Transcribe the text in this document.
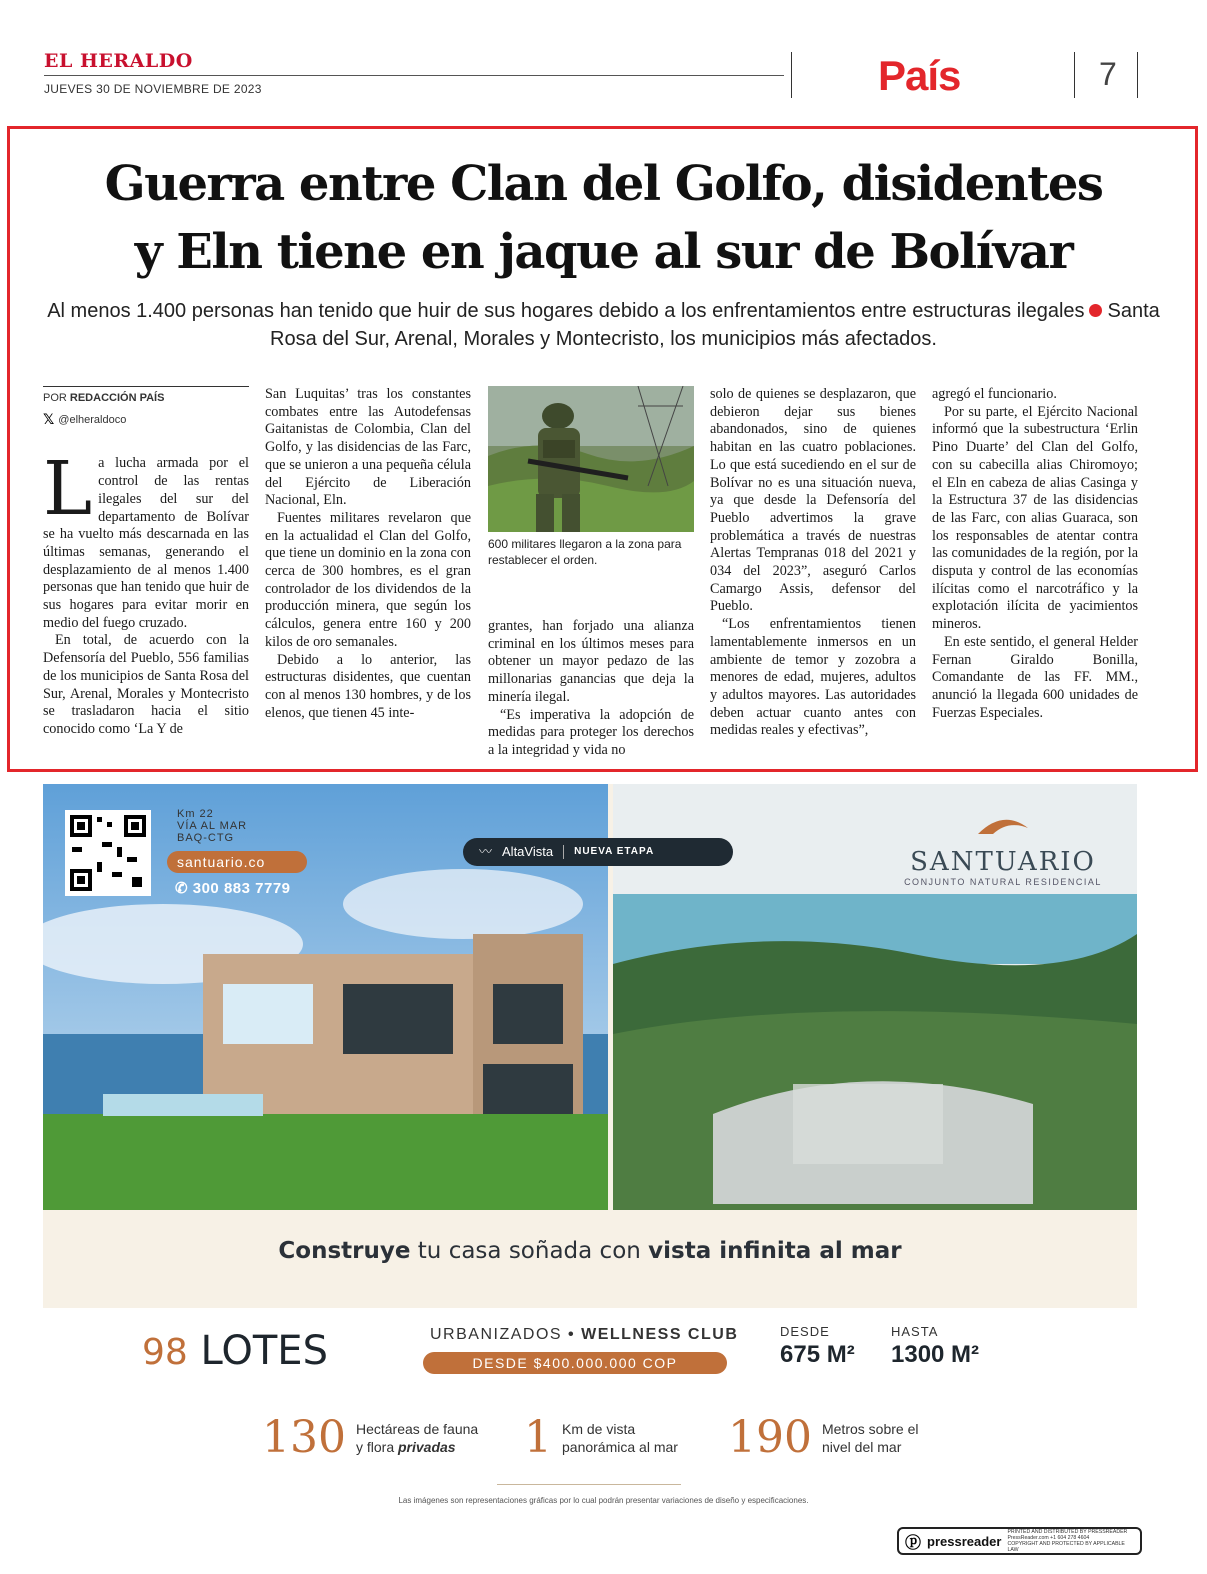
EL HERALDO
JUEVES 30 DE NOVIEMBRE DE 2023	País	7
Guerra entre Clan del Golfo, disidentes
y Eln tiene en jaque al sur de Bolívar
Al menos 1.400 personas han tenido que huir de sus hogares debido a los enfrentamientos entre estructuras ilegales Santa Rosa del Sur, Arenal, Morales y Montecristo, los municipios más afectados.
POR REDACCIÓN PAÍS
𝕏 @elheraldoco

La lucha armada por el control de las rentas ilegales del sur del departamento de Bolívar se ha vuelto más descarnada en las últimas semanas, generando el desplazamiento de al menos 1.400 personas que han tenido que huir de sus hogares para evitar morir en medio del fuego cruzado.

En total, de acuerdo con la Defensoría del Pueblo, 556 familias de los municipios de Santa Rosa del Sur, Arenal, Morales y Montecristo se trasladaron hacia el sitio conocido como ‘La Y de

San Luquitas’ tras los constantes combates entre las Autodefensas Gaitanistas de Colombia, Clan del Golfo, y las disidencias de las Farc, que se unieron a una pequeña célula del Ejército de Liberación Nacional, Eln.

Fuentes militares revelaron que en la actualidad el Clan del Golfo, que tiene un dominio en la zona con cerca de 300 hombres, es el gran controlador de los dividendos de la producción minera, que según los cálculos, genera entre 160 y 200 kilos de oro semanales.

Debido a lo anterior, las estructuras disidentes, que cuentan con al menos 130 hombres, y de los elenos, que tienen 45 inte-

600 militares llegaron a la zona para restablecer el orden.

grantes, han forjado una alianza criminal en los últimos meses para obtener un mayor pedazo de las millonarias ganancias que deja la minería ilegal.

“Es imperativa la adopción de medidas para proteger los derechos a la integridad y vida no

solo de quienes se desplazaron, que debieron dejar sus bienes abandonados, sino de quienes habitan en las cuatro poblaciones. Lo que está sucediendo en el sur de Bolívar no es una situación nueva, ya que desde la Defensoría del Pueblo advertimos la grave problemática a través de nuestras Alertas Tempranas 018 del 2021 y 034 del 2023”, aseguró Carlos Camargo Assis, defensor del Pueblo.

“Los enfrentamientos tienen lamentablemente inmersos en un ambiente de temor y zozobra a menores de edad, mujeres, adultos y adultos mayores. Las autoridades deben actuar cuanto antes con medidas reales y efectivas”,

agregó el funcionario.

Por su parte, el Ejército Nacional informó que la subestructura ‘Erlin Pino Duarte’ del Clan del Golfo, con su cabecilla alias Chiromoyo; el Eln en cabeza de alias Casinga y la Estructura 37 de las disidencias de las Farc, con alias Guaraca, son los responsables de atentar contra las comunidades de la región, por la disputa y control de las economías ilícitas como el narcotráfico y la explotación ilícita de yacimientos mineros.

En este sentido, el general Helder Fernan Giraldo Bonilla, Comandante de las FF. MM., anunció la llegada 600 unidades de Fuerzas Especiales.

Km 22
VÍA AL MAR
BAQ-CTG
santuario.co
✆ 300 883 7779
SANTUARIO
CONJUNTO NATURAL RESIDENCIAL
〰 AltaVista NUEVA ETAPA
Construye tu casa soñada con vista infinita al mar
98 LOTES	URBANIZADOS • WELLNESS CLUB
DESDE $400.000.000 COP
DESDE
675 M²
HASTA
1300 M²
130 Hectáreas de fauna
y flora privadas	1 Km de vista
panorámica al mar 190 Metros sobre el
nivel del mar
Las imágenes son representaciones gráficas por lo cual podrán presentar variaciones de diseño y especificaciones.
ⓟ pressreader
PRINTED AND DISTRIBUTED BY PRESSREADER
PressReader.com +1 604 278 4604
COPYRIGHT AND PROTECTED BY APPLICABLE LAW
